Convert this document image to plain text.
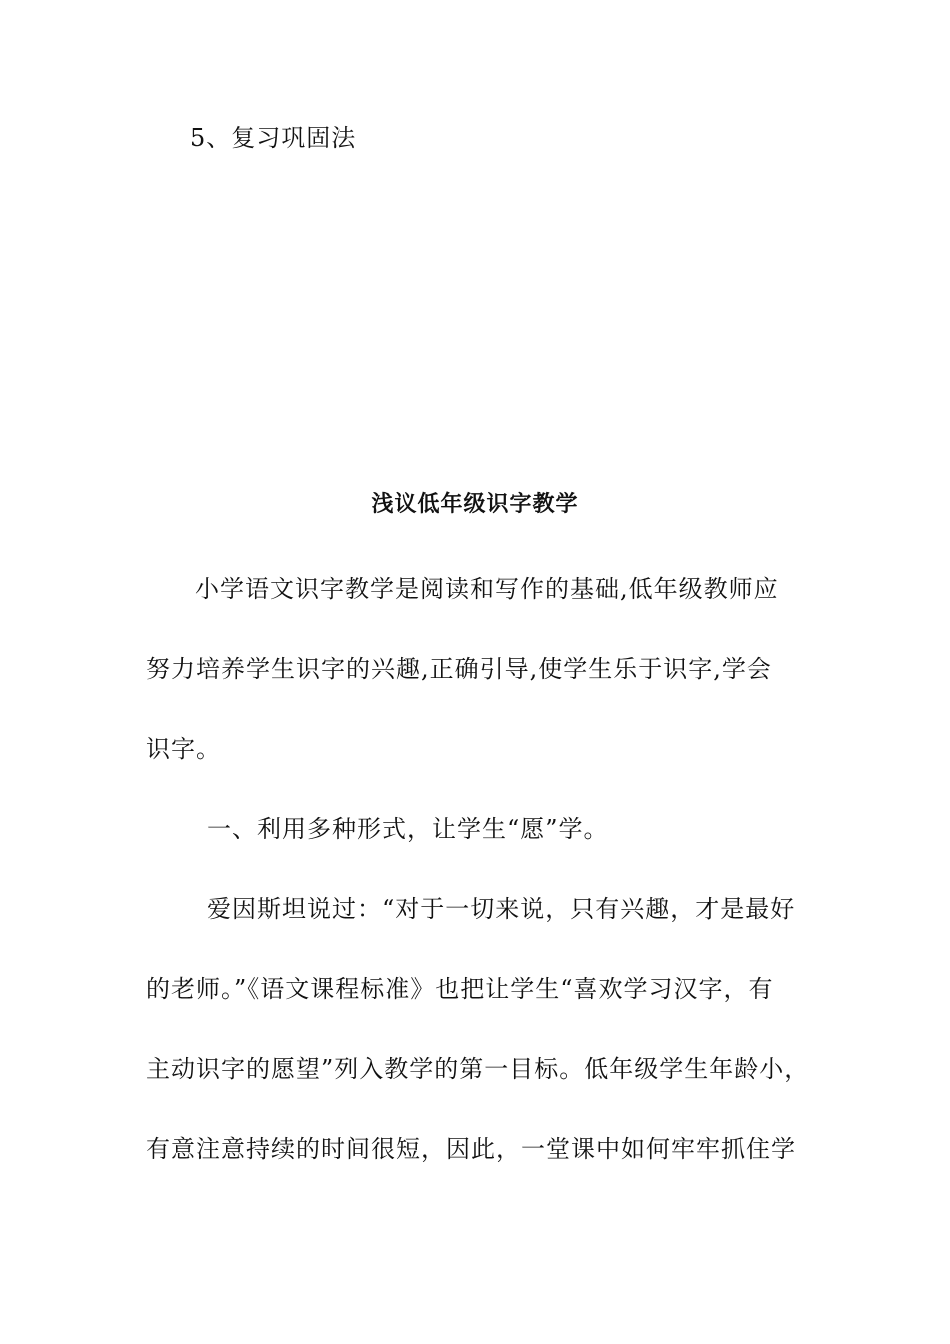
5、复习巩固法
浅议低年级识字教学
小学语文识字教学是阅读和写作的基础,低年级教师应
努力培养学生识字的兴趣,正确引导,使学生乐于识字,学会
识字。
一、利用多种形式，让学生“愿”学。
爱因斯坦说过：“对于一切来说，只有兴趣，才是最好
的老师。”《语文课程标准》也把让学生“喜欢学习汉字，有
主动识字的愿望”列入教学的第一目标。低年级学生年龄小，
有意注意持续的时间很短，因此，一堂课中如何牢牢抓住学
